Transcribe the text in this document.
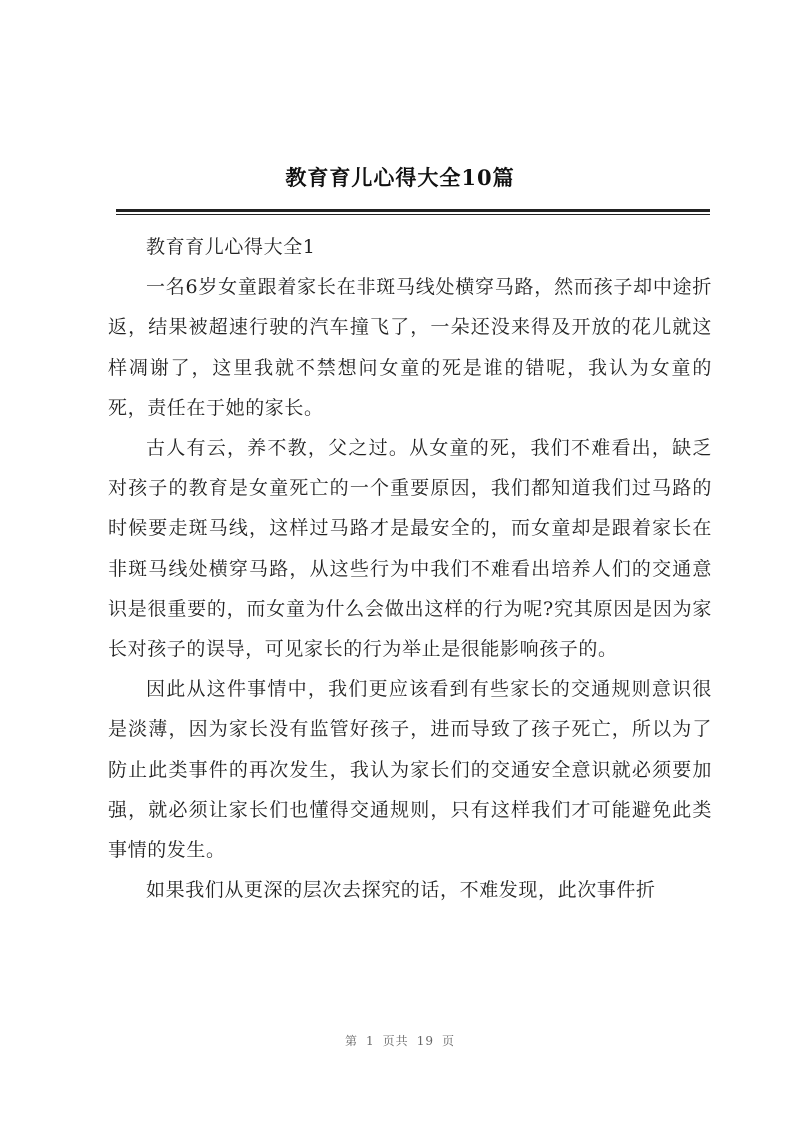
教育育儿心得大全10篇

教育育儿心得大全1

一名6岁女童跟着家长在非斑马线处横穿马路，然而孩子却中途折返，结果被超速行驶的汽车撞飞了，一朵还没来得及开放的花儿就这样凋谢了，这里我就不禁想问女童的死是谁的错呢，我认为女童的死，责任在于她的家长。

古人有云，养不教，父之过。从女童的死，我们不难看出，缺乏对孩子的教育是女童死亡的一个重要原因，我们都知道我们过马路的时候要走斑马线，这样过马路才是最安全的，而女童却是跟着家长在非斑马线处横穿马路，从这些行为中我们不难看出培养人们的交通意识是很重要的，而女童为什么会做出这样的行为呢?究其原因是因为家长对孩子的误导，可见家长的行为举止是很能影响孩子的。

因此从这件事情中，我们更应该看到有些家长的交通规则意识很是淡薄，因为家长没有监管好孩子，进而导致了孩子死亡，所以为了防止此类事件的再次发生，我认为家长们的交通安全意识就必须要加强，就必须让家长们也懂得交通规则，只有这样我们才可能避免此类事情的发生。

如果我们从更深的层次去探究的话，不难发现，此次事件折

第 1 页共 19 页
